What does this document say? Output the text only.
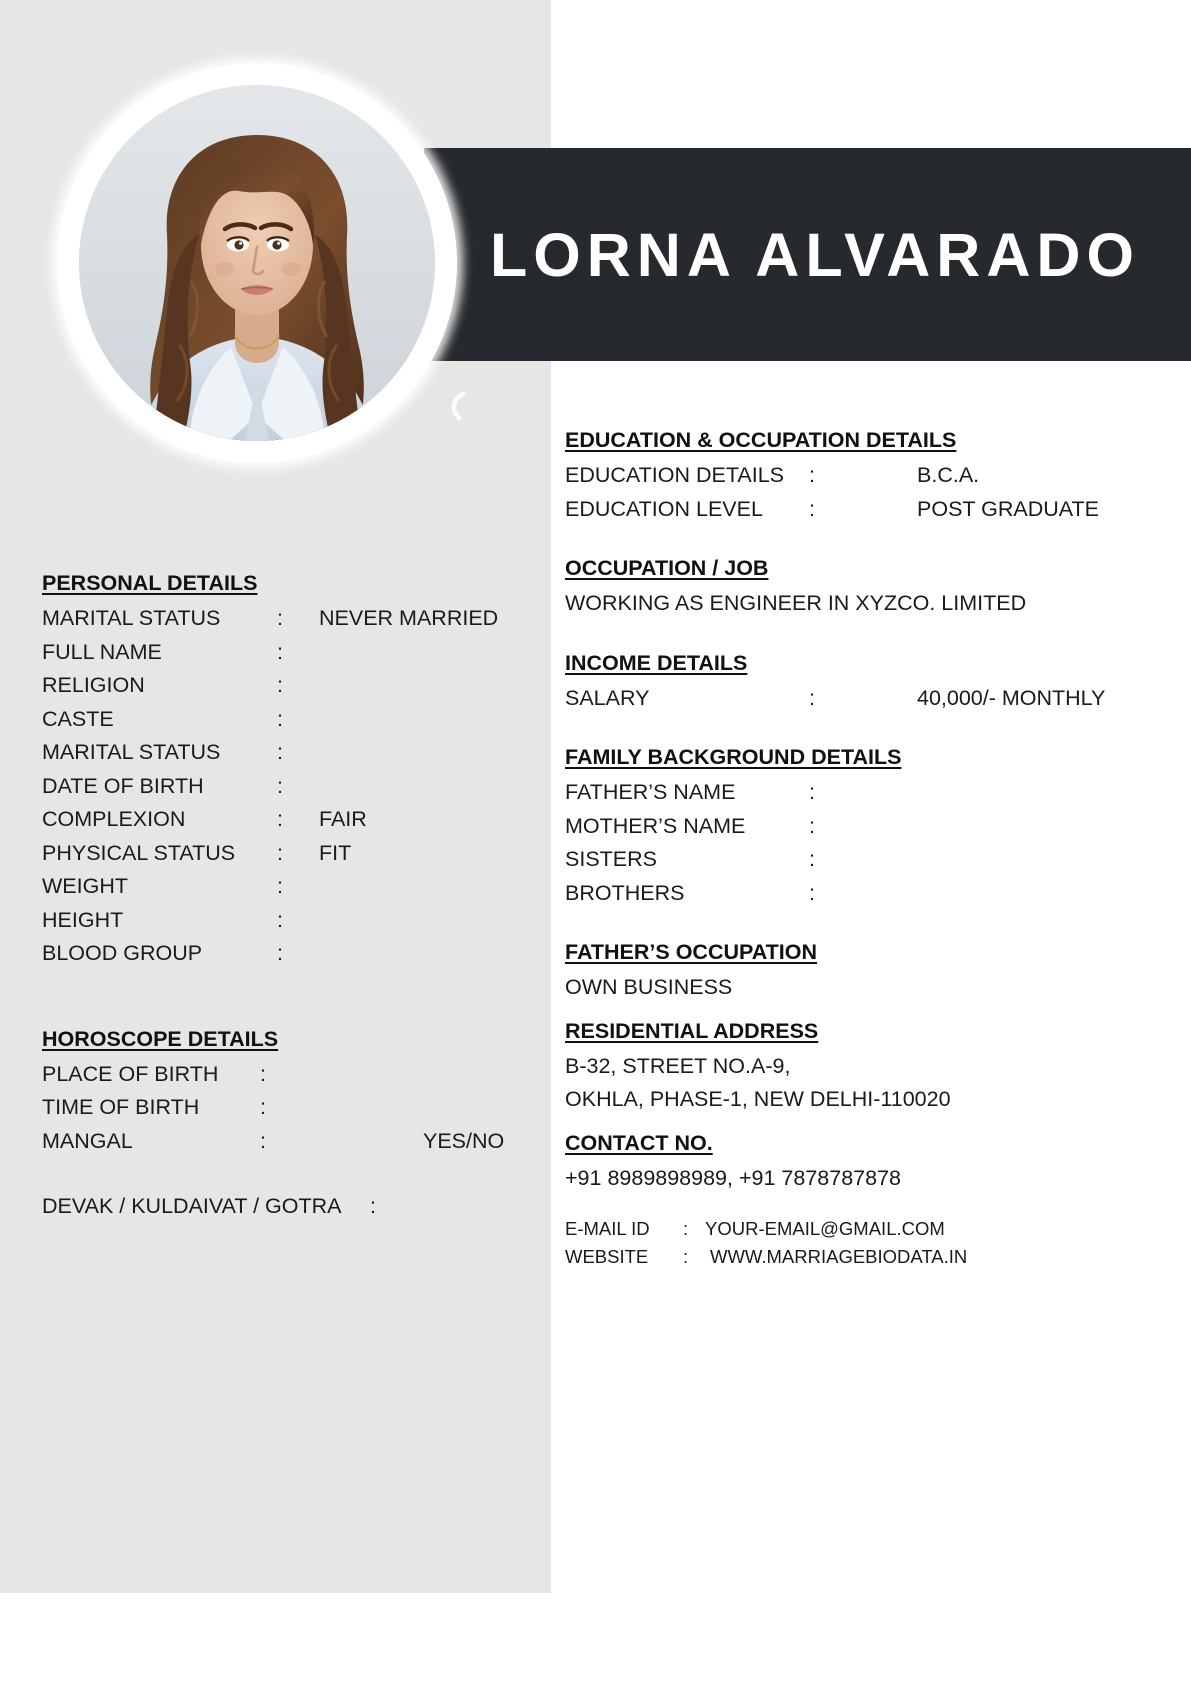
LORNA ALVARADO
PERSONAL DETAILS
MARITAL STATUS	:	NEVER MARRIED
FULL NAME	:
RELIGION	:
CASTE	:
MARITAL STATUS	:
DATE OF BIRTH	:
COMPLEXION	:	FAIR
PHYSICAL STATUS	:	FIT
WEIGHT	:
HEIGHT	:
BLOOD GROUP	:
HOROSCOPE DETAILS
PLACE OF BIRTH	:
TIME OF BIRTH	:
MANGAL	:	YES/NO
DEVAK / KULDAIVAT / GOTRA	:
EDUCATION & OCCUPATION DETAILS
EDUCATION DETAILS	:	B.C.A.
EDUCATION LEVEL	:	POST GRADUATE
OCCUPATION / JOB
WORKING AS ENGINEER IN XYZCO. LIMITED
INCOME DETAILS
SALARY	:	40,000/- MONTHLY
FAMILY BACKGROUND DETAILS
FATHER’S NAME	:
MOTHER’S NAME	:
SISTERS	:
BROTHERS	:
FATHER’S OCCUPATION
OWN BUSINESS
RESIDENTIAL ADDRESS
B-32, STREET NO.A-9,
OKHLA, PHASE-1, NEW DELHI-110020
CONTACT NO.
+91 8989898989, +91 7878787878
E-MAIL ID	: YOUR-EMAIL@GMAIL.COM
WEBSITE	:	WWW.MARRIAGEBIODATA.IN
